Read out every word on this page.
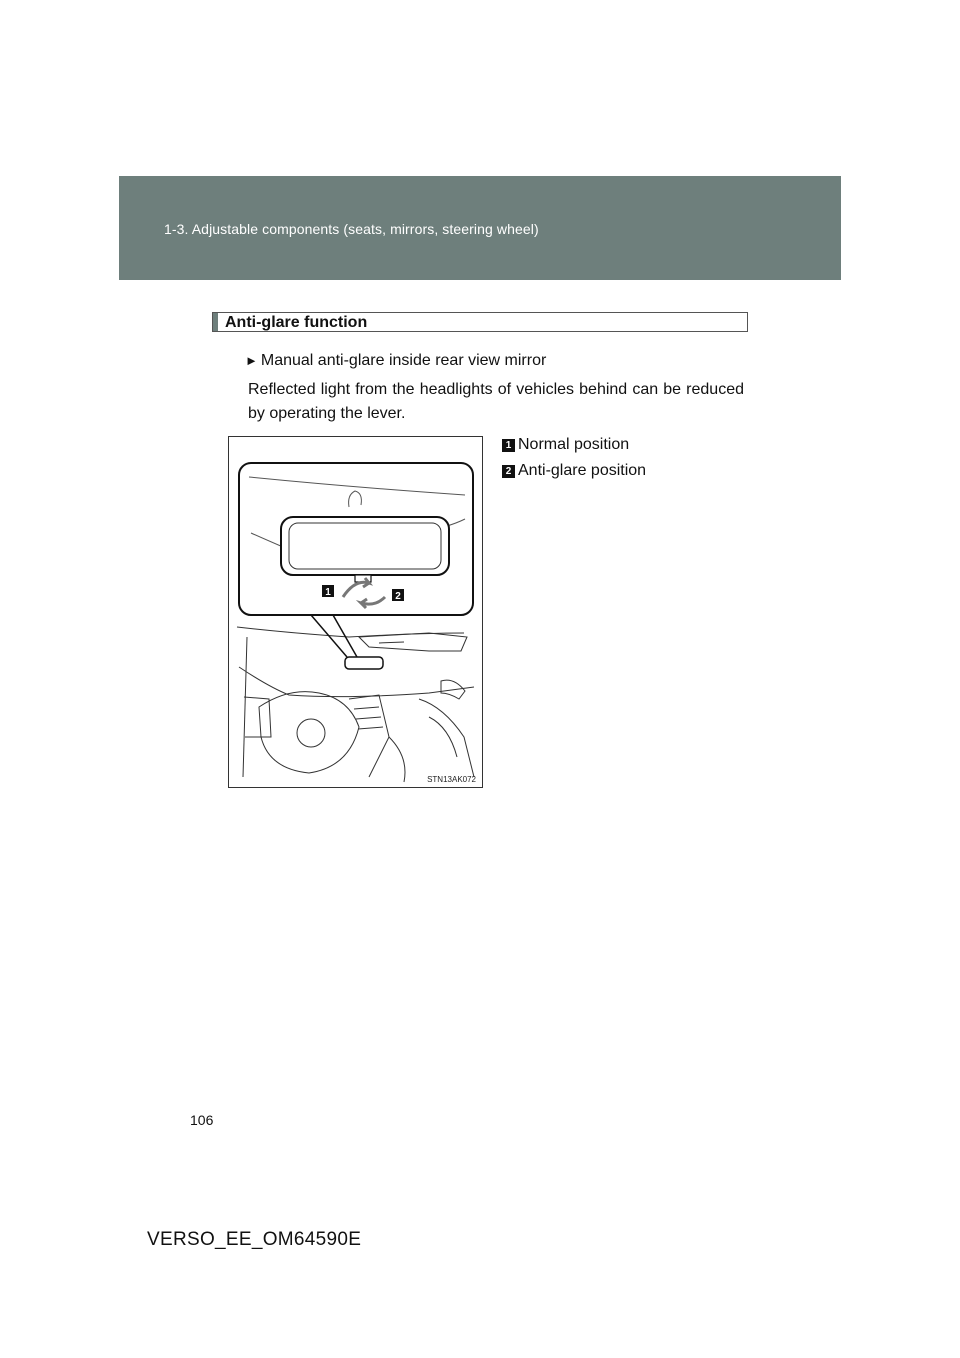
1-3. Adjustable components (seats, mirrors, steering wheel)
Anti-glare function
► Manual anti-glare inside rear view mirror
Reflected light from the headlights of vehicles behind can be reduced by operating the lever.
1 Normal position
2 Anti-glare position
1	2
STN13AK072
106
VERSO_EE_OM64590E
